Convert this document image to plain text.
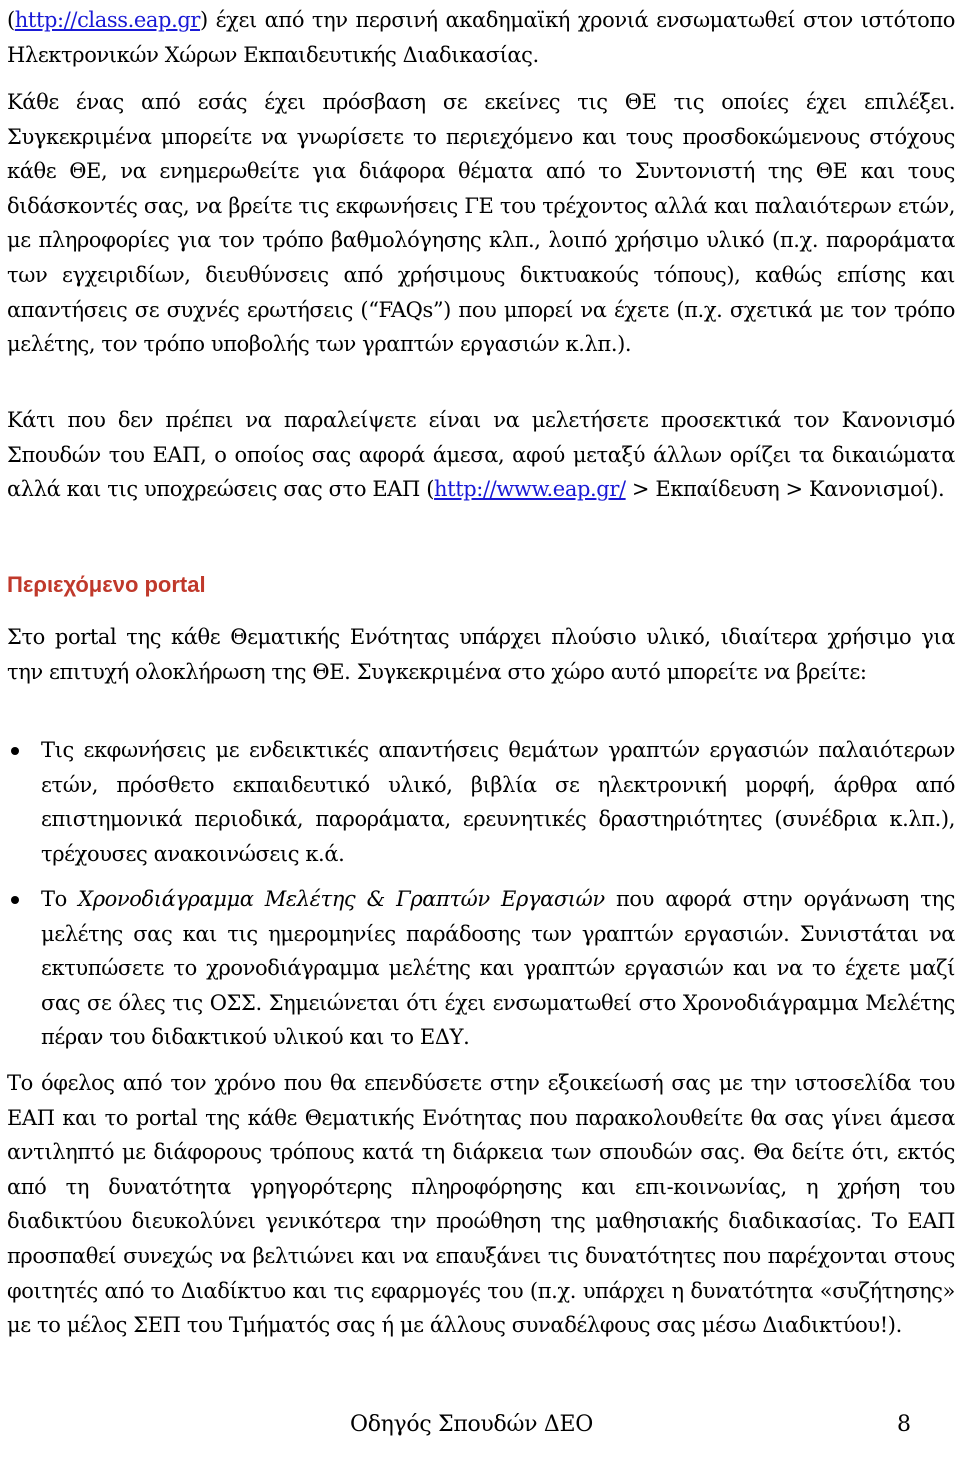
(http://class.eap.gr) έχει από την περσινή ακαδημαϊκή χρονιά ενσωματωθεί στον ιστότοπο Ηλεκτρονικών Χώρων Εκπαιδευτικής Διαδικασίας.
Κάθε ένας από εσάς έχει πρόσβαση σε εκείνες τις ΘΕ τις οποίες έχει επιλέξει. Συγκεκριμένα μπορείτε να γνωρίσετε το περιεχόμενο και τους προσδοκώμενους στόχους κάθε ΘΕ, να ενημερωθείτε για διάφορα θέματα από το Συντονιστή της ΘΕ και τους διδάσκοντές σας, να βρείτε τις εκφωνήσεις ΓΕ του τρέχοντος αλλά και παλαιότερων ετών, με πληροφορίες για τον τρόπο βαθμολόγησης κλπ., λοιπό χρήσιμο υλικό (π.χ. παροράματα των εγχειριδίων, διευθύνσεις από χρήσιμους δικτυακούς τόπους), καθώς επίσης και απαντήσεις σε συχνές ερωτήσεις (“FAQs”) που μπορεί να έχετε (π.χ. σχετικά με τον τρόπο μελέτης, τον τρόπο υποβολής των γραπτών εργασιών κ.λπ.).
Κάτι που δεν πρέπει να παραλείψετε είναι να μελετήσετε προσεκτικά τον Κανονισμό Σπουδών του ΕΑΠ, ο οποίος σας αφορά άμεσα, αφού μεταξύ άλλων ορίζει τα δικαιώματα αλλά και τις υποχρεώσεις σας στο ΕΑΠ (http://www.eap.gr/ > Εκπαίδευση > Κανονισμοί).
Περιεχόμενο portal
Στο portal της κάθε Θεματικής Ενότητας υπάρχει πλούσιο υλικό, ιδιαίτερα χρήσιμο για την επιτυχή ολοκλήρωση της ΘΕ. Συγκεκριμένα στο χώρο αυτό μπορείτε να βρείτε:
Τις εκφωνήσεις με ενδεικτικές απαντήσεις θεμάτων γραπτών εργασιών παλαιότερων ετών, πρόσθετο εκπαιδευτικό υλικό, βιβλία σε ηλεκτρονική μορφή, άρθρα από επιστημονικά περιοδικά, παροράματα, ερευνητικές δραστηριότητες (συνέδρια κ.λπ.), τρέχουσες ανακοινώσεις κ.ά.
Το Χρονοδιάγραμμα Μελέτης & Γραπτών Εργασιών που αφορά στην οργάνωση της μελέτης σας και τις ημερομηνίες παράδοσης των γραπτών εργασιών. Συνιστάται να εκτυπώσετε το χρονοδιάγραμμα μελέτης και γραπτών εργασιών και να το έχετε μαζί σας σε όλες τις ΟΣΣ. Σημειώνεται ότι έχει ενσωματωθεί στο Χρονοδιάγραμμα Μελέτης πέραν του διδακτικού υλικού και το ΕΔΥ.
Το όφελος από τον χρόνο που θα επενδύσετε στην εξοικείωσή σας με την ιστοσελίδα του ΕΑΠ και το portal της κάθε Θεματικής Ενότητας που παρακολουθείτε θα σας γίνει άμεσα αντιληπτό με διάφορους τρόπους κατά τη διάρκεια των σπουδών σας. Θα δείτε ότι, εκτός από τη δυνατότητα γρηγορότερης πληροφόρησης και επι-κοινωνίας, η χρήση του διαδικτύου διευκολύνει γενικότερα την προώθηση της μαθησιακής διαδικασίας. Το ΕΑΠ προσπαθεί συνεχώς να βελτιώνει και να επαυξάνει τις δυνατότητες που παρέχονται στους φοιτητές από το Διαδίκτυο και τις εφαρμογές του (π.χ. υπάρχει η δυνατότητα «συζήτησης» με το μέλος ΣΕΠ του Τμήματός σας ή με άλλους συναδέλφους σας μέσω Διαδικτύου!).
Οδηγός Σπουδών ΔΕΟ	8
